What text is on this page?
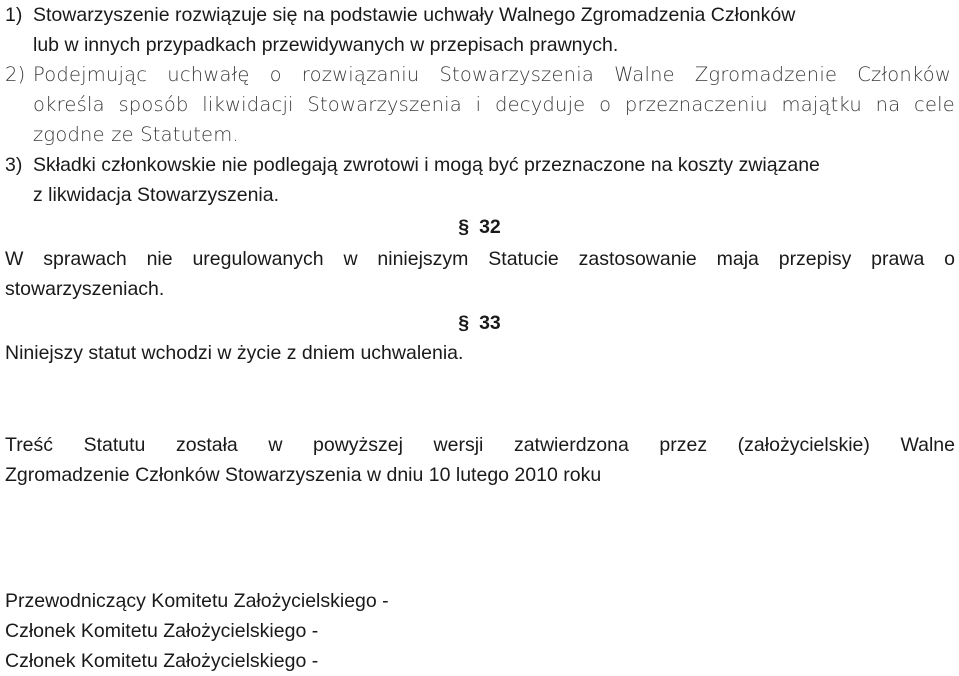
1) Stowarzyszenie rozwiązuje się na podstawie uchwały Walnego Zgromadzenia Członków
lub w innych przypadkach przewidywanych w przepisach prawnych.
2) Podejmując uchwałę o rozwiązaniu Stowarzyszenia Walne Zgromadzenie Członków
określa sposób likwidacji Stowarzyszenia i decyduje o przeznaczeniu majątku na cele
zgodne ze Statutem.
3) Składki członkowskie nie podlegają zwrotowi i mogą być przeznaczone na koszty związane
z likwidacja Stowarzyszenia.
§ 32
W sprawach nie uregulowanych w niniejszym Statucie zastosowanie maja przepisy prawa o
stowarzyszeniach.
§ 33
Niniejszy statut wchodzi w życie z dniem uchwalenia.
Treść Statutu została w powyższej wersji zatwierdzona przez (założycielskie) Walne
Zgromadzenie Członków Stowarzyszenia w dniu 10 lutego 2010 roku
Przewodniczący Komitetu Założycielskiego -
Członek Komitetu Założycielskiego -
Członek Komitetu Założycielskiego -
